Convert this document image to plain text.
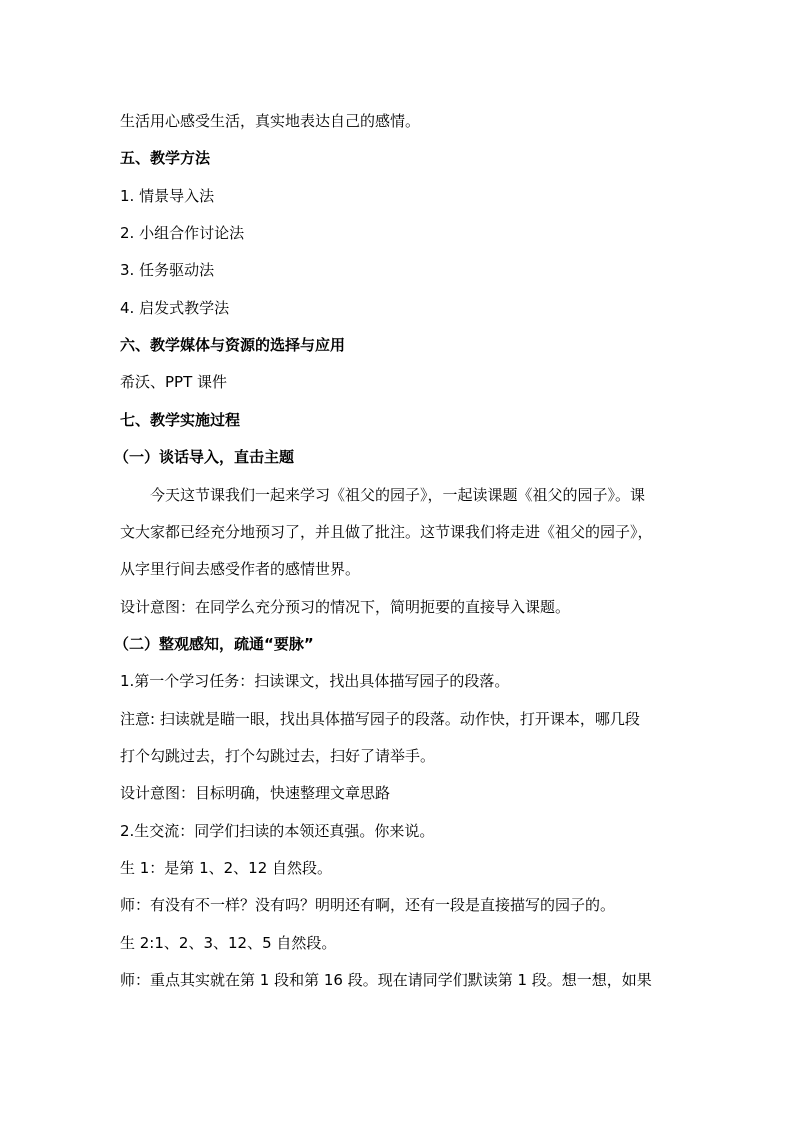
生活用心感受生活，真实地表达自己的感情。
五、教学方法
1. 情景导入法
2. 小组合作讨论法
3. 任务驱动法
4. 启发式教学法
六、教学媒体与资源的选择与应用
希沃、PPT 课件
七、教学实施过程
（一）谈话导入，直击主题
今天这节课我们一起来学习《祖父的园子》，一起读课题《祖父的园子》。课
文大家都已经充分地预习了，并且做了批注。这节课我们将走进《祖父的园子》，
从字里行间去感受作者的感情世界。
设计意图：在同学么充分预习的情况下，简明扼要的直接导入课题。
（二）整观感知，疏通“要脉”
1.第一个学习任务：扫读课文，找出具体描写园子的段落。
注意: 扫读就是瞄一眼，找出具体描写园子的段落。动作快，打开课本，哪几段
打个勾跳过去，打个勾跳过去，扫好了请举手。
设计意图：目标明确，快速整理文章思路
2.生交流：同学们扫读的本领还真强。你来说。
生 1：是第 1、2、12 自然段。
师：有没有不一样？没有吗？明明还有啊，还有一段是直接描写的园子的。
生 2:1、2、3、12、5 自然段。
师：重点其实就在第 1 段和第 16 段。现在请同学们默读第 1 段。想一想，如果
